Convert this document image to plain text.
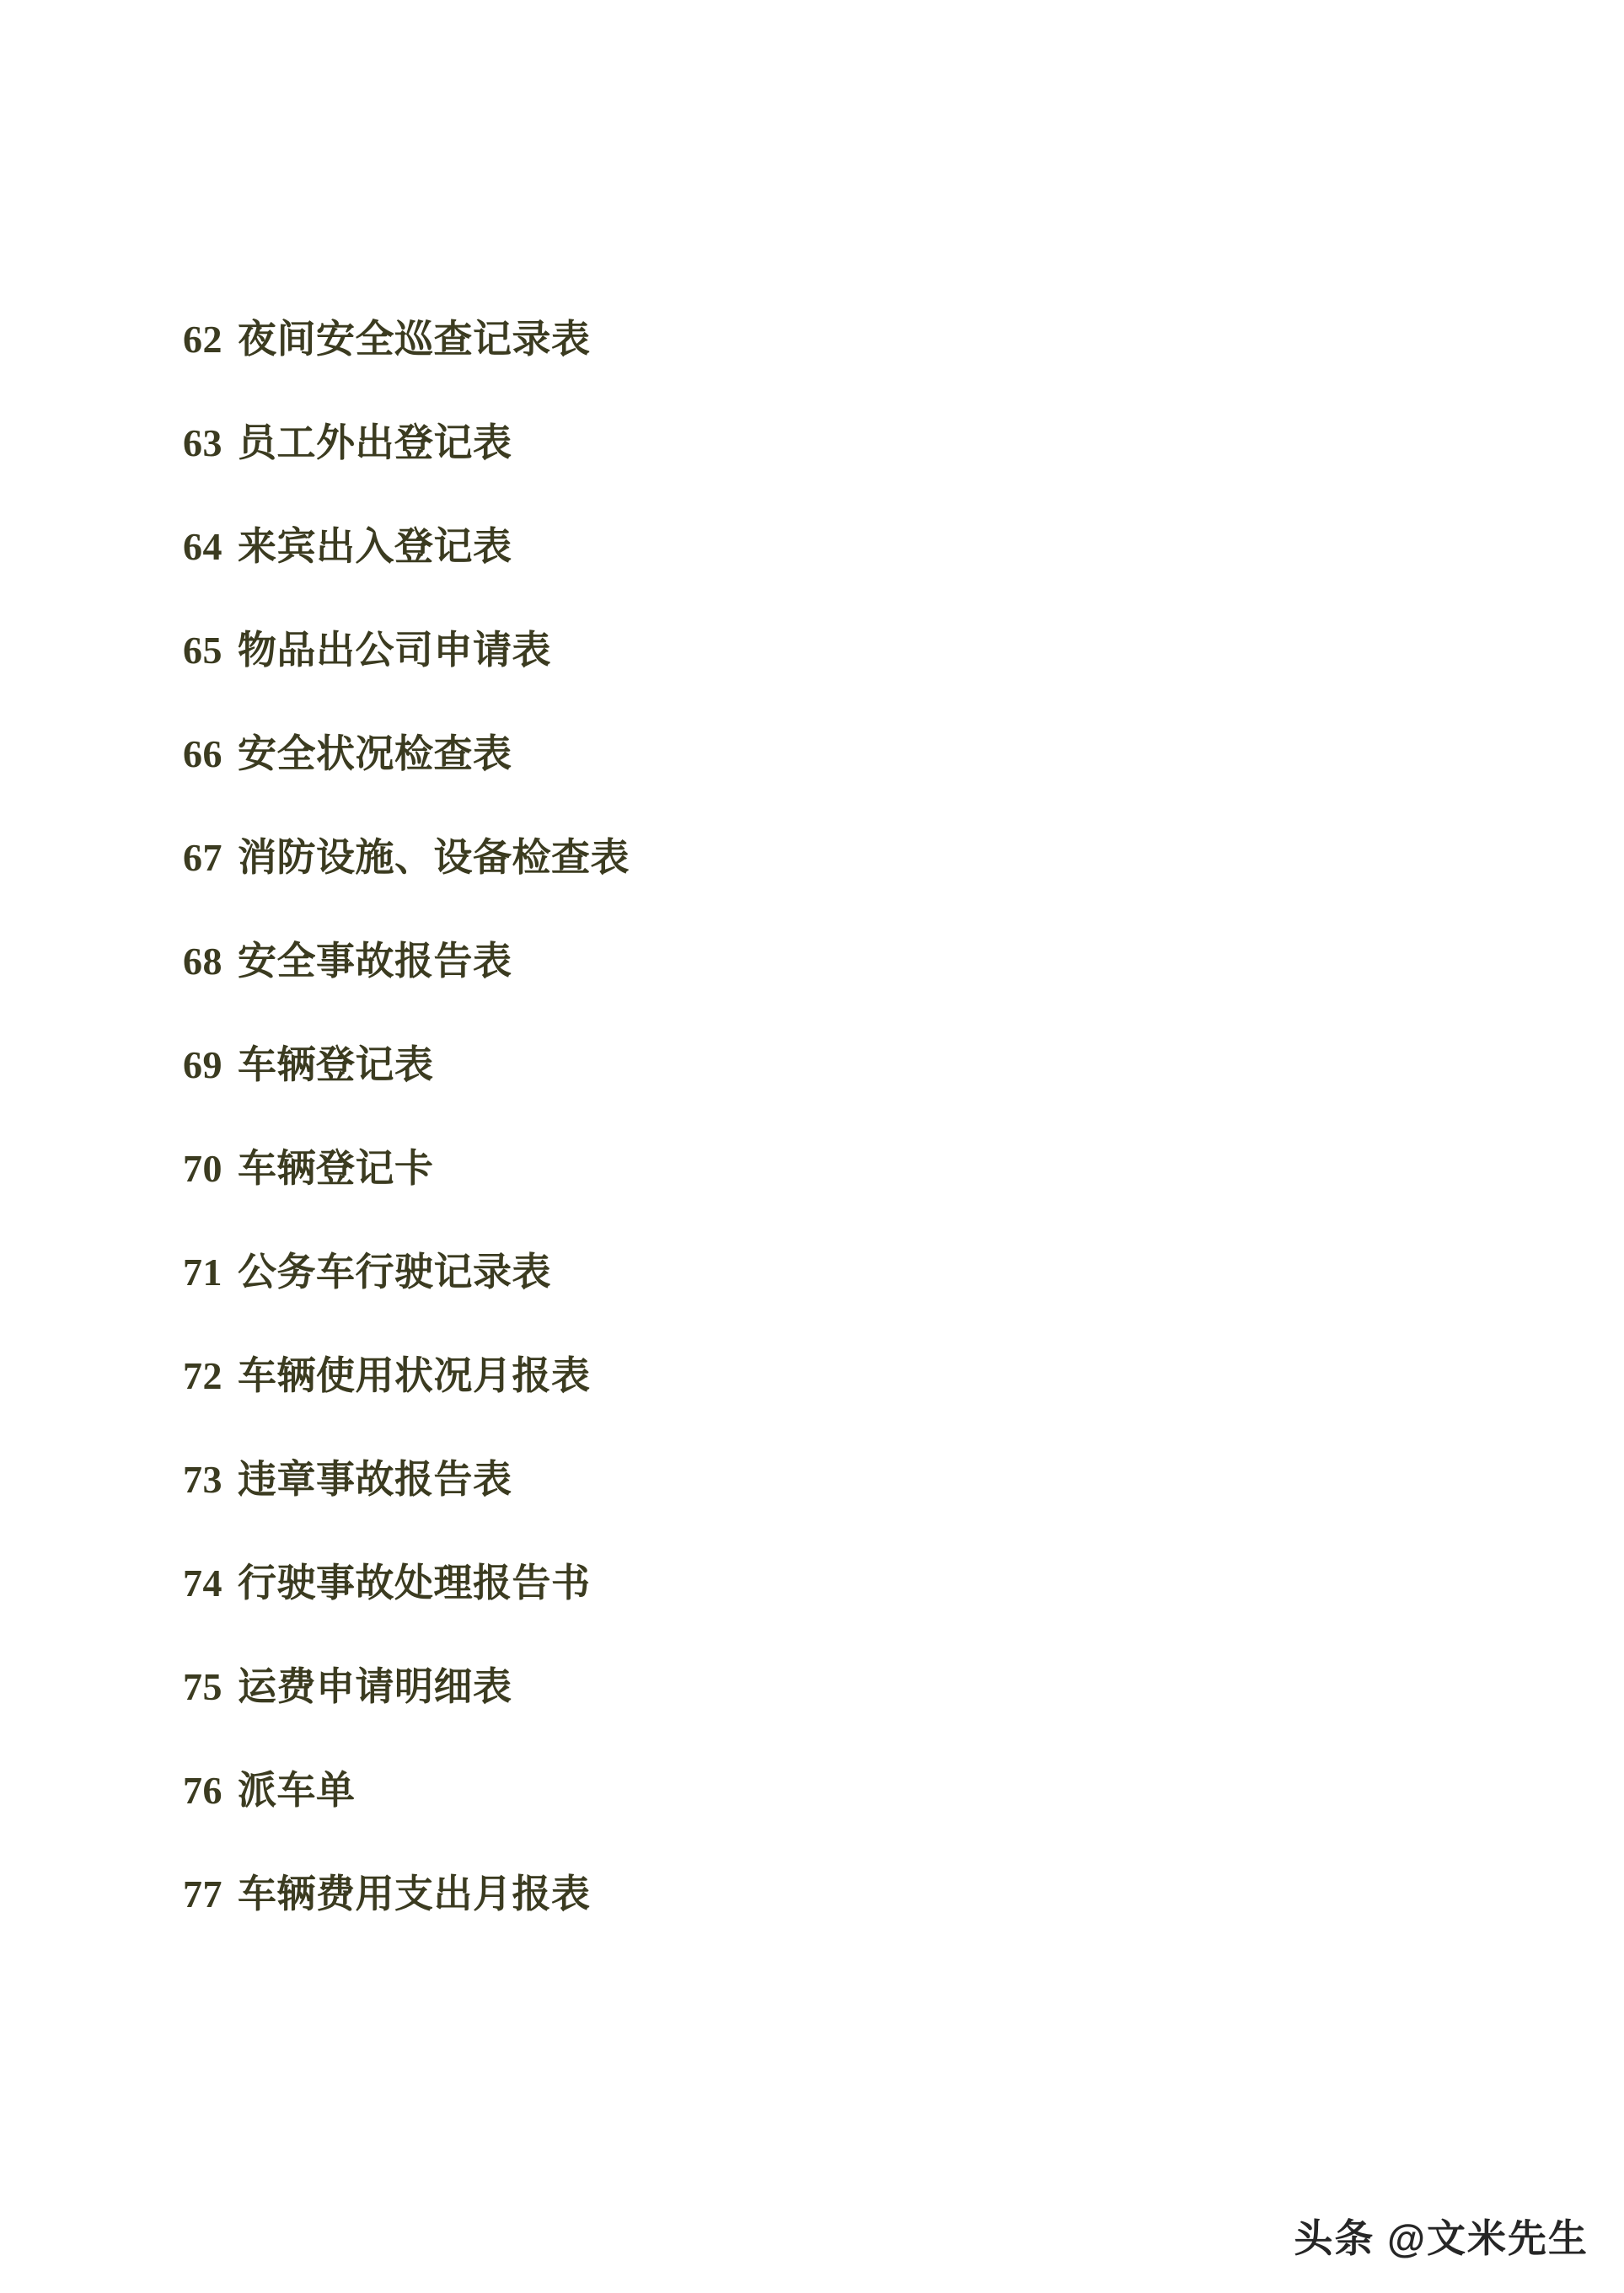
62 夜间安全巡查记录表
63 员工外出登记表
64 来宾出入登记表
65 物品出公司申请表
66 安全状况检查表
67 消防设施、设备检查表
68 安全事故报告表
69 车辆登记表
70 车辆登记卡
71 公务车行驶记录表
72 车辆使用状况月报表
73 违章事故报告表
74 行驶事故处理报告书
75 运费申请明细表
76 派车单
77 车辆费用支出月报表
头条 @文米先生
